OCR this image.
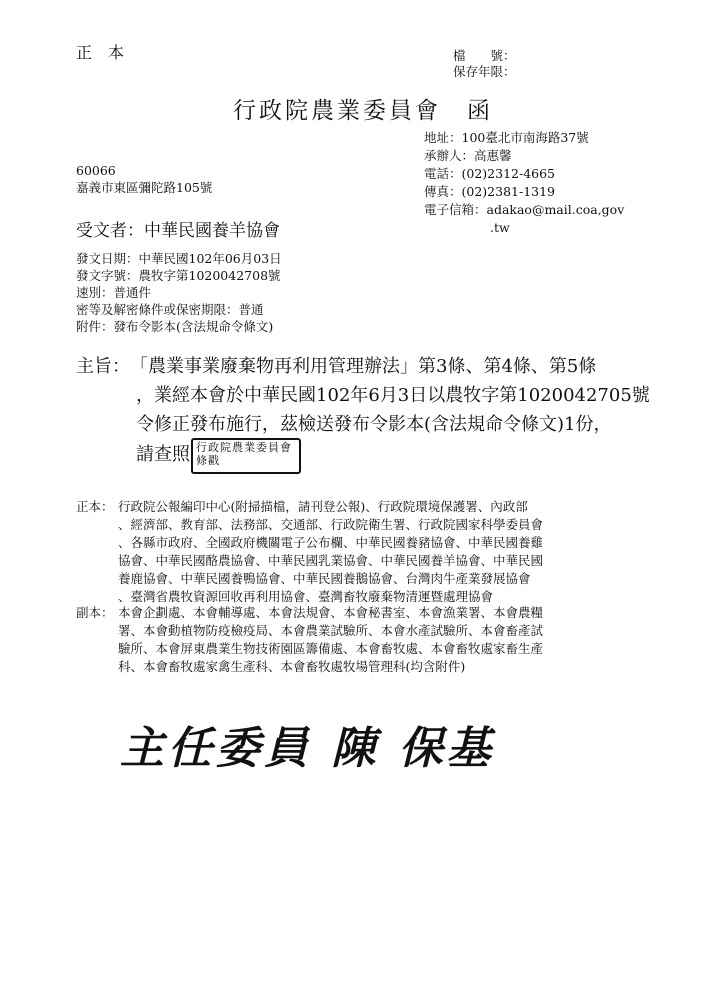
正　本	檔　　號：
保存年限：
行政院農業委員會　函
地址：100臺北市南海路37號
承辦人：高惠馨
電話：(02)2312-4665
傳真：(02)2381-1319
電子信箱：adakao@mail.coa,gov
.tw
60066
嘉義市東區彌陀路105號
受文者：中華民國養羊協會
發文日期：中華民國102年06月03日
發文字號：農牧字第1020042708號
速別：普通件
密等及解密條件或保密期限：普通
附件：發布令影本(含法規命令條文)
主旨： 「農業事業廢棄物再利用管理辦法」第3條、第4條、第5條
，業經本會於中華民國102年6月3日以農牧字第1020042705號
令修正發布施行，茲檢送發布令影本(含法規命令條文)1份，
請查照 行政院農業委員會條戳
正本： 行政院公報編印中心(附掃描檔，請刊登公報)、行政院環境保護署、內政部
、經濟部、教育部、法務部、交通部、行政院衛生署、行政院國家科學委員會
、各縣市政府、全國政府機關電子公布欄、中華民國養豬協會、中華民國養雞
協會、中華民國酪農協會、中華民國乳業協會、中華民國養羊協會、中華民國
養鹿協會、中華民國養鴨協會、中華民國養鵝協會、台灣肉牛產業發展協會
、臺灣省農牧資源回收再利用協會、臺灣畜牧廢棄物清運暨處理協會
副本： 本會企劃處、本會輔導處、本會法規會、本會秘書室、本會漁業署、本會農糧
署、本會動植物防疫檢疫局、本會農業試驗所、本會水產試驗所、本會畜產試
驗所、本會屏東農業生物技術園區籌備處、本會畜牧處、本會畜牧處家畜生產
科、本會畜牧處家禽生產科、本會畜牧處牧場管理科(均含附件)
主任委員 陳 保基
